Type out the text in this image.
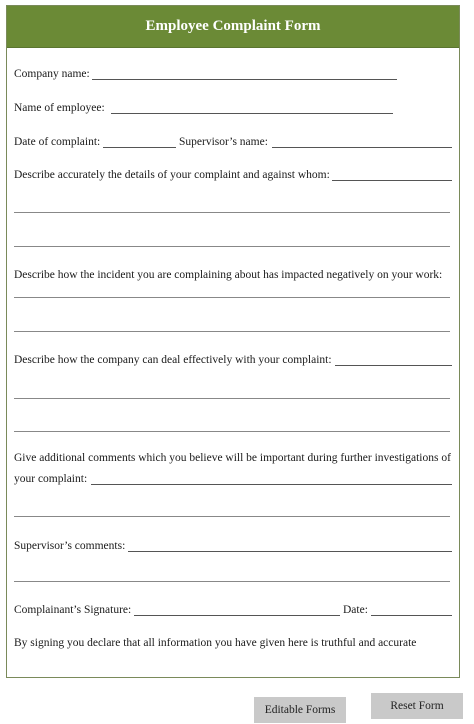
Employee Complaint Form
Company name:
Name of employee:
Date of complaint:	Supervisor’s name:
Describe accurately the details of your complaint and against whom:
Describe how the incident you are complaining about has impacted negatively on your work:
Describe how the company can deal effectively with your complaint:
Give additional comments which you believe will be important during further investigations of
your complaint:
Supervisor’s comments:
Complainant’s Signature:	Date:
By signing you declare that all information you have given here is truthful and accurate
Editable Forms	Reset Form
